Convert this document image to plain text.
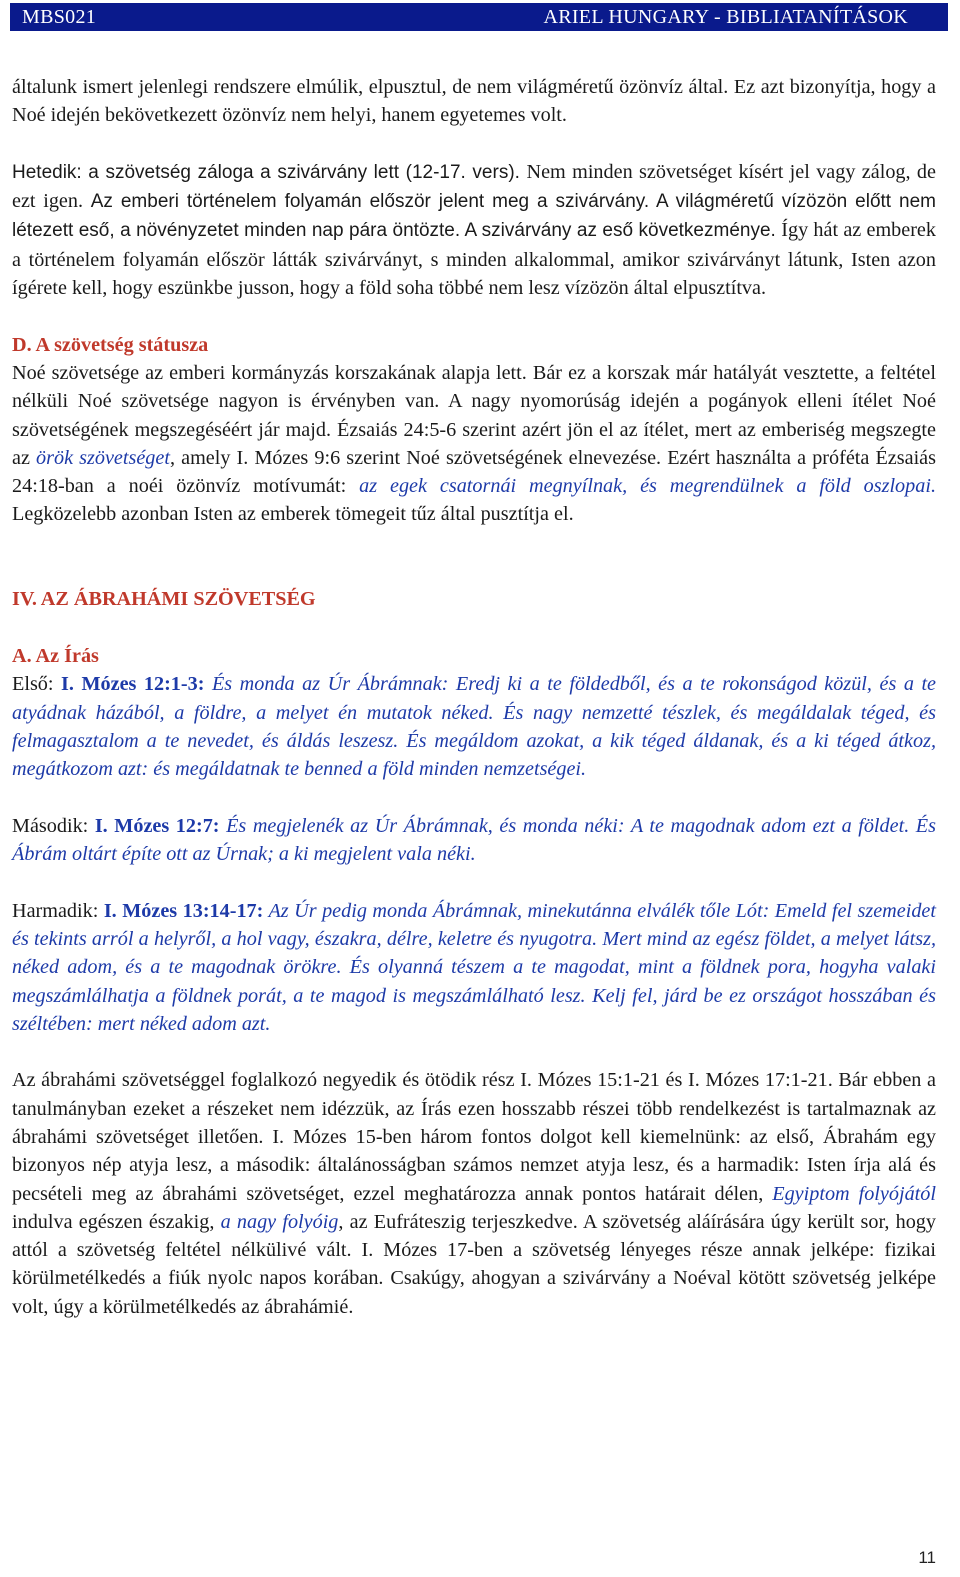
MBS021	ARIEL HUNGARY - BIBLIATANÍTÁSOK

általunk ismert jelenlegi rendszere elmúlik, elpusztul, de nem világméretű özönvíz által. Ez azt bizonyítja, hogy a Noé idején bekövetkezett özönvíz nem helyi, hanem egyetemes volt.

Hetedik: a szövetség záloga a szivárvány lett (12-17. vers). Nem minden szövetséget kísért jel vagy zálog, de ezt igen. Az emberi történelem folyamán először jelent meg a szivárvány. A világméretű vízözön előtt nem létezett eső, a növényzetet minden nap pára öntözte. A szivárvány az eső következménye. Így hát az emberek a történelem folyamán először látták szivárványt, s minden alkalommal, amikor szivárványt látunk, Isten azon ígérete kell, hogy eszünkbe jusson, hogy a föld soha többé nem lesz vízözön által elpusztítva.

D. A szövetség státusza

Noé szövetsége az emberi kormányzás korszakának alapja lett. Bár ez a korszak már hatályát vesztette, a feltétel nélküli Noé szövetsége nagyon is érvényben van. A nagy nyomorúság idején a pogányok elleni ítélet Noé szövetségének megszegéséért jár majd. Ézsaiás 24:5-6 szerint azért jön el az ítélet, mert az emberiség megszegte az örök szövetséget, amely I. Mózes 9:6 szerint Noé szövetségének elnevezése. Ezért használta a próféta Ézsaiás 24:18-ban a noéi özönvíz motívumát: az egek csatornái megnyílnak, és megrendülnek a föld oszlopai. Legközelebb azonban Isten az emberek tömegeit tűz által pusztítja el.

IV. AZ ÁBRAHÁMI SZÖVETSÉG

A. Az Írás

Első: I. Mózes 12:1-3: És monda az Úr Ábrámnak: Eredj ki a te földedből, és a te rokonságod közül, és a te atyádnak házából, a földre, a melyet én mutatok néked. És nagy nemzetté tészlek, és megáldalak téged, és felmagasztalom a te nevedet, és áldás leszesz. És megáldom azokat, a kik téged áldanak, és a ki téged átkoz, megátkozom azt: és megáldatnak te benned a föld minden nemzetségei.

Második: I. Mózes 12:7: És megjelenék az Úr Ábrámnak, és monda néki: A te magodnak adom ezt a földet. És Ábrám oltárt építe ott az Úrnak; a ki megjelent vala néki.

Harmadik: I. Mózes 13:14-17: Az Úr pedig monda Ábrámnak, minekutánna elválék tőle Lót: Emeld fel szemeidet és tekints arról a helyről, a hol vagy, északra, délre, keletre és nyugotra. Mert mind az egész földet, a melyet látsz, néked adom, és a te magodnak örökre. És olyanná tészem a te magodat, mint a földnek pora, hogyha valaki megszámlálhatja a földnek porát, a te magod is megszámlálható lesz. Kelj fel, járd be ez országot hosszában és széltében: mert néked adom azt.

Az ábrahámi szövetséggel foglalkozó negyedik és ötödik rész I. Mózes 15:1-21 és I. Mózes 17:1-21. Bár ebben a tanulmányban ezeket a részeket nem idézzük, az Írás ezen hosszabb részei több rendelkezést is tartalmaznak az ábrahámi szövetséget illetően. I. Mózes 15-ben három fontos dolgot kell kiemelnünk: az első, Ábrahám egy bizonyos nép atyja lesz, a második: általánosságban számos nemzet atyja lesz, és a harmadik: Isten írja alá és pecsételi meg az ábrahámi szövetséget, ezzel meghatározza annak pontos határait délen, Egyiptom folyójától indulva egészen északig, a nagy folyóig, az Eufráteszig terjeszkedve. A szövetség aláírására úgy került sor, hogy attól a szövetség feltétel nélkülivé vált. I. Mózes 17-ben a szövetség lényeges része annak jelképe: fizikai körülmetélkedés a fiúk nyolc napos korában. Csakúgy, ahogyan a szivárvány a Noéval kötött szövetség jelképe volt, úgy a körülmetélkedés az ábrahámié.

11
